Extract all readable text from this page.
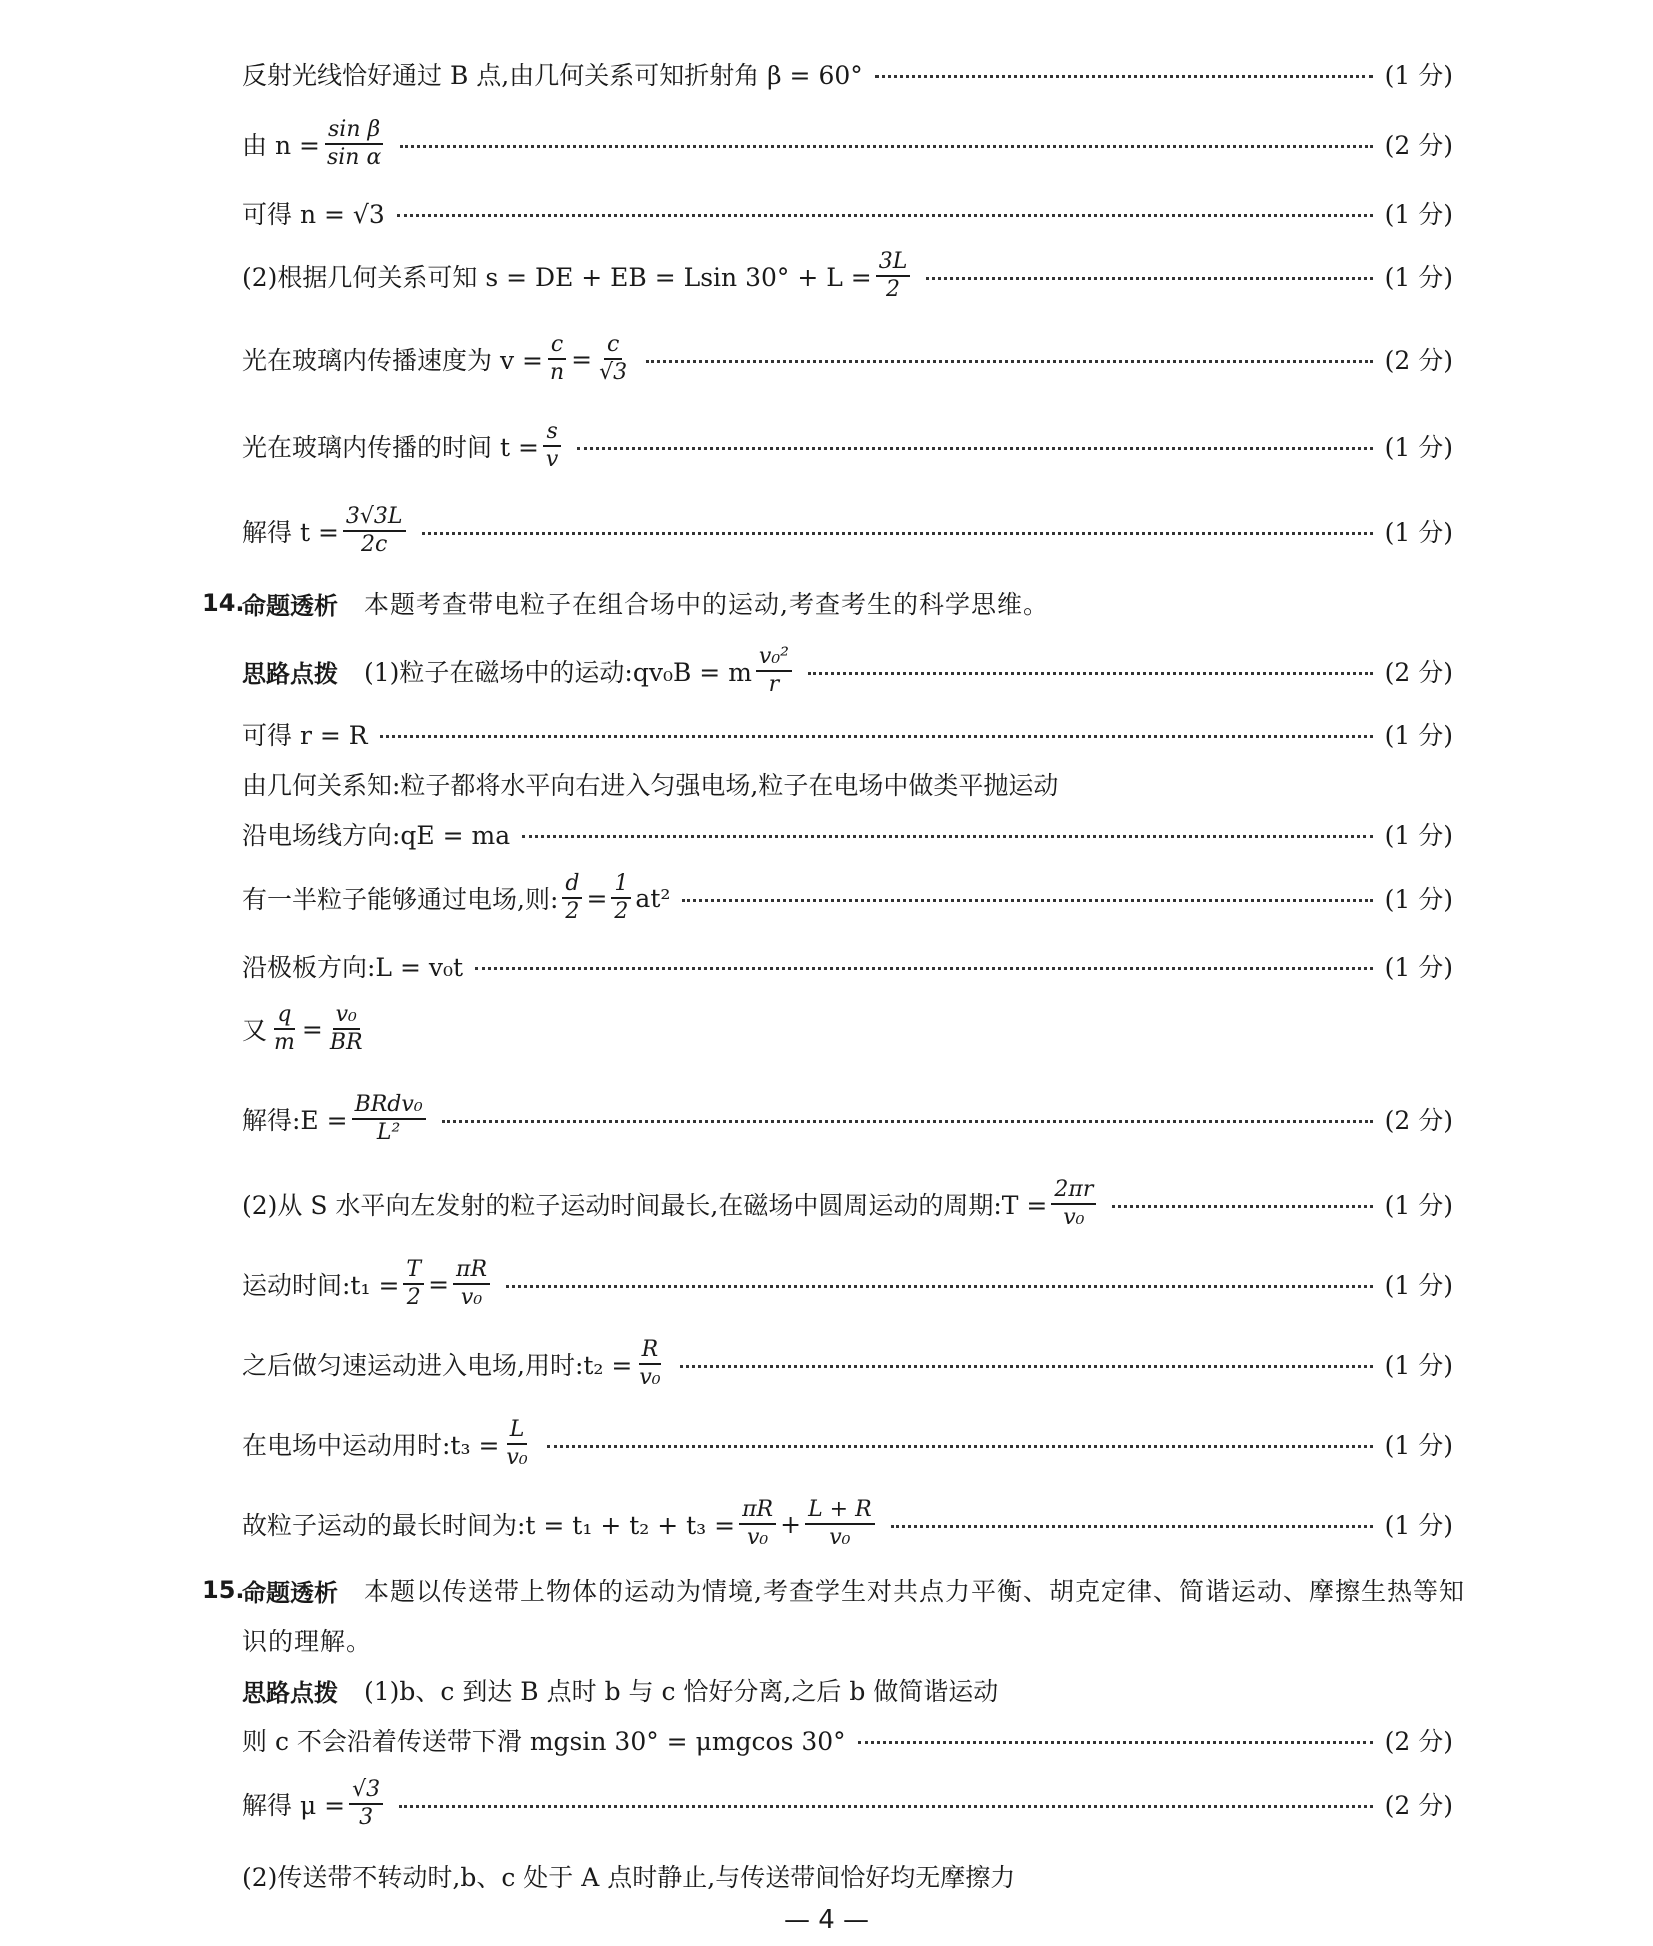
反射光线恰好通过 B 点,由几何关系可知折射角 β = 60°	(1 分)
由 $n = \frac{\text{sin β}}{\text{sin α}}$	(2 分)
可得 n = √3	(1 分)
(2)根据几何关系可知 s = DE + EB = Lsin $30^\circ + L = \frac{3L}{2}$	(1 分)
光在玻璃内传播速度为 $v = \frac{c}{n} = \frac{c}{√3}$	(2 分)
光在玻璃内传播的时间 $t = \frac{s}{v}$	(1 分)
解得 $t = \frac{3√3L}{2c}$	(1 分)
14.
命题透析 本题考查带电粒子在组合场中的运动,考查考生的科学思维。
思路点拨 (1)粒子在磁场中的运动:qv₀B = m $\frac{\text{v₀²}}{r}$	(2 分)
可得 r = R	(1 分)
由几何关系知:粒子都将水平向右进入匀强电场,粒子在电场中做类平抛运动
沿电场线方向:qE = ma	(1 分)
有一半粒子能够通过电场,则: $\frac{d}{2} = \frac{1}{2} at^2$	(1 分)
沿极板方向:L = v₀t	(1 分)
又 $\frac{q}{m} = \frac{\text{v₀}}{BR}$
解得:E = $\frac{\text{BRdv₀}}{\text{L²}}$	(2 分)
(2)从 S 水平向左发射的粒子运动时间最长,在磁场中圆周运动的周期:T = $\frac{2\pi r}{\text{v₀}}$	(1 分)
运动时间:t₁ = $\frac{T}{2} = \frac{\pi R}{\text{v₀}}$	(1 分)
之后做匀速运动进入电场,用时:t₂ = $\frac{R}{\text{v₀}}$	(1 分)
在电场中运动用时:t₃ = $\frac{L}{\text{v₀}}$	(1 分)
故粒子运动的最长时间为:t = $t_1 + t_2 + t_3 = \frac{\pi R}{\text{v₀}} + \frac{L + R}{\text{v₀}}$	(1 分)
15.
命题透析 本题以传送带上物体的运动为情境,考查学生对共点力平衡、胡克定律、简谐运动、摩擦生热等知
识的理解。
思路点拨 (1)b、c 到达 B 点时 b 与 c 恰好分离,之后 b 做简谐运动
则 c 不会沿着传送带下滑 mgsin 30° = μmgcos 30°	(2 分)
解得 $\mu = \frac{√3}{3}$	(2 分)
(2)传送带不转动时,b、c 处于 A 点时静止,与传送带间恰好均无摩擦力
— 4 —
